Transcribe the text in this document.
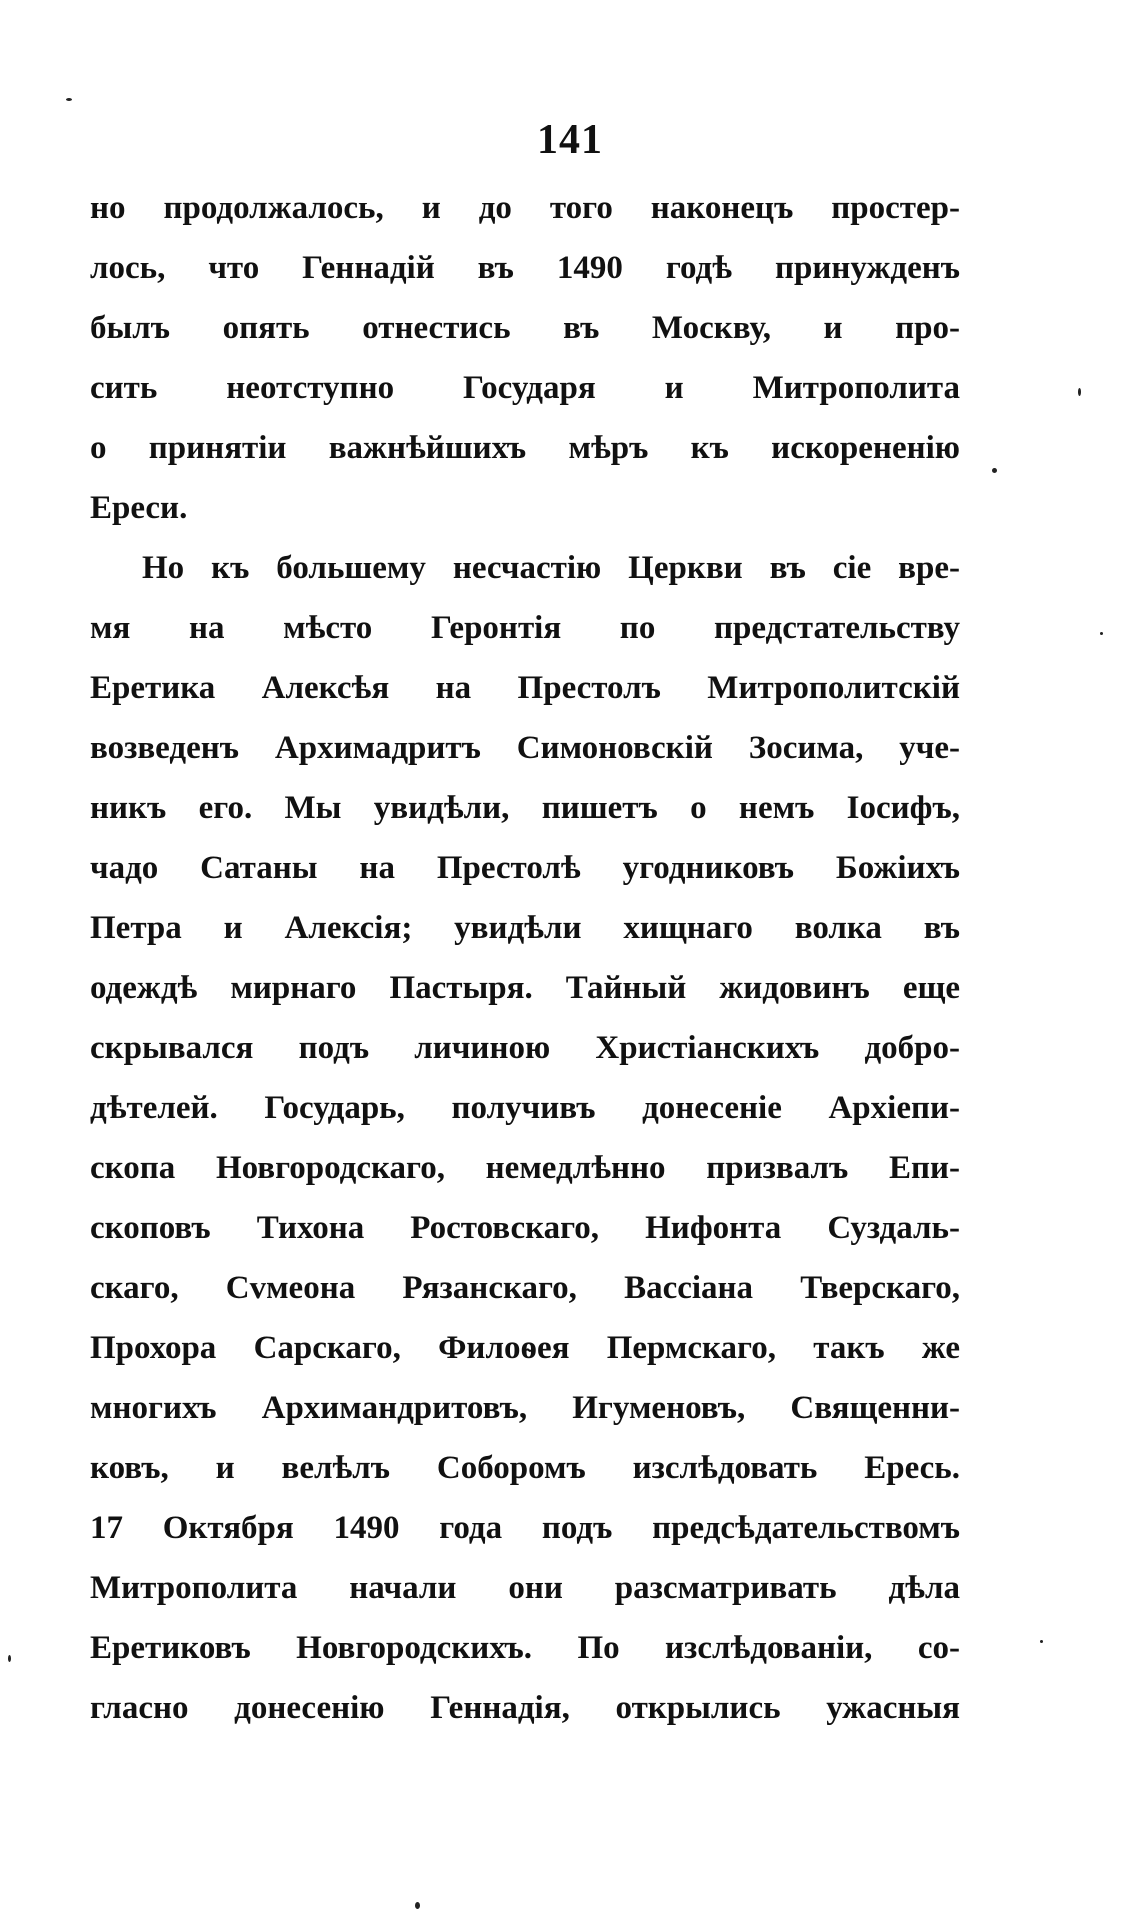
141
но продолжалось, и до того наконецъ простер-
лось, что Геннадій въ 1490 годѣ принужденъ
былъ опять отнестись въ Москву, и про-
сить неотступно Государя и Митрополита
о принятіи важнѣйшихъ мѣръ къ искорененію
Ереси.
Но къ большему несчастію Церкви въ сіе вре-
мя на мѣсто Геронтія по предстательству
Еретика Алексѣя на Престолъ Митрополитскій
возведенъ Архимадритъ Симоновскій Зосима, уче-
никъ его. Мы увидѣли, пишетъ о немъ Іосифъ,
чадо Сатаны на Престолѣ угодниковъ Божіихъ
Петра и Алексія; увидѣли хищнаго волка въ
одеждѣ мирнаго Пастыря. Тайный жидовинъ еще
скрывался подъ личиною Христіанскихъ добро-
дѣтелей. Государь, получивъ донесеніе Архіепи-
скопа Новгородскаго, немедлѣнно призвалъ Епи-
скоповъ Тихона Ростовскаго, Нифонта Суздаль-
скаго, Сvмеона Рязанскаго, Вассіана Тверскаго,
Прохора Сарскаго, Филоѳея Пермскаго, такъ же
многихъ Архимандритовъ, Игуменовъ, Священни-
ковъ, и велѣлъ Соборомъ изслѣдовать Ересь.
17 Октября 1490 года подъ предсѣдательствомъ
Митрополита начали они разсматривать дѣла
Еретиковъ Новгородскихъ. По изслѣдованіи, со-
гласно донесенію Геннадія, открылись ужасныя
